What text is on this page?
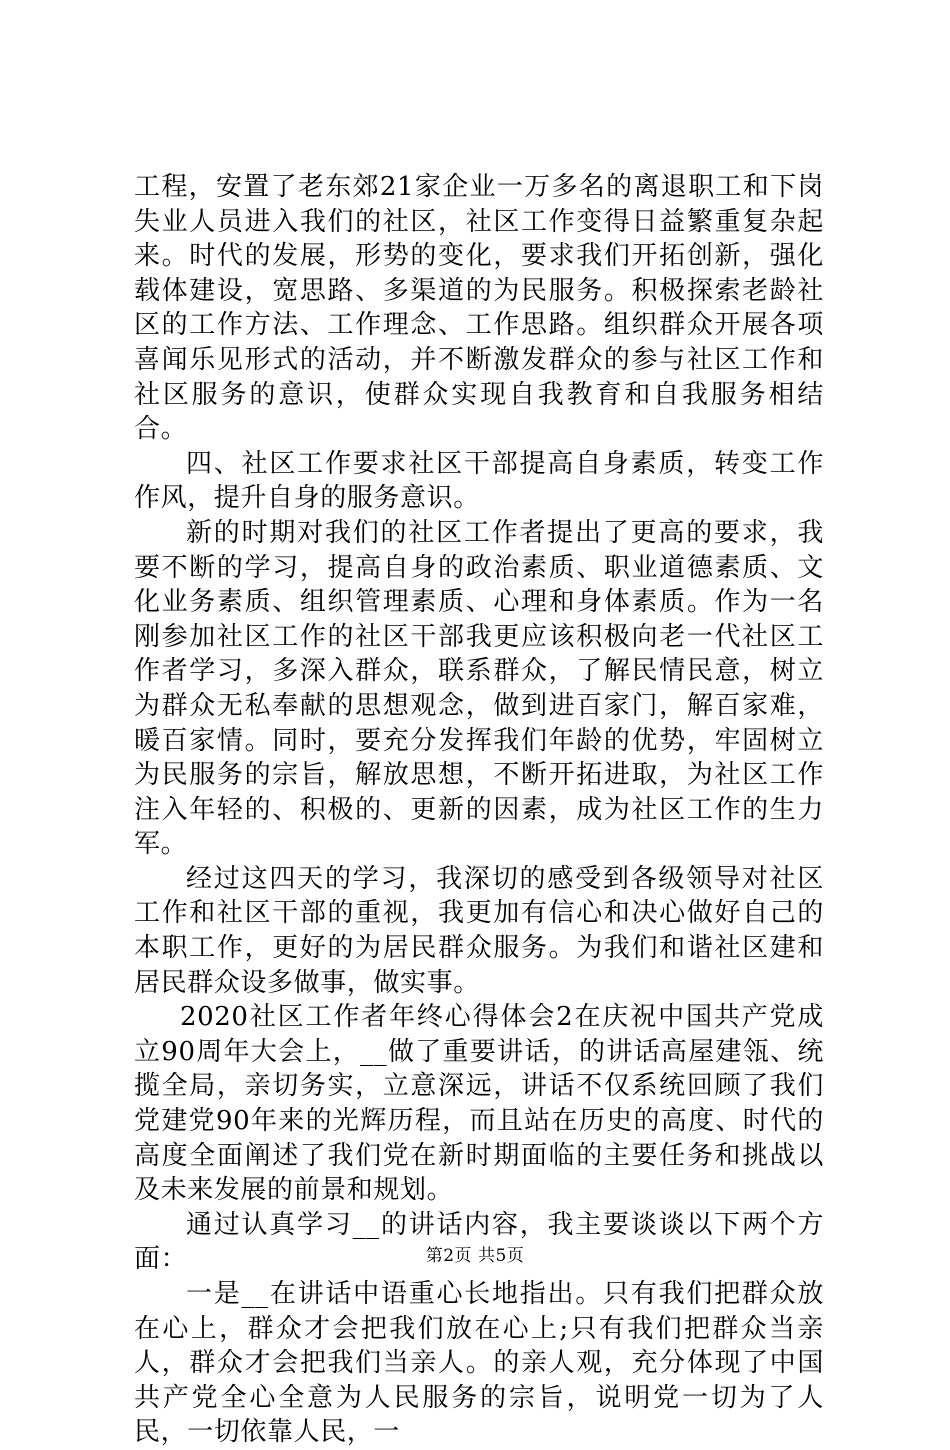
工程，安置了老东郊21家企业一万多名的离退职工和下岗失业人员进入我们的社区，社区工作变得日益繁重复杂起来。时代的发展，形势的变化，要求我们开拓创新，强化载体建设，宽思路、多渠道的为民服务。积极探索老龄社区的工作方法、工作理念、工作思路。组织群众开展各项喜闻乐见形式的活动，并不断激发群众的参与社区工作和社区服务的意识，使群众实现自我教育和自我服务相结合。

四、社区工作要求社区干部提高自身素质，转变工作作风，提升自身的服务意识。

新的时期对我们的社区工作者提出了更高的要求，我要不断的学习，提高自身的政治素质、职业道德素质、文化业务素质、组织管理素质、心理和身体素质。作为一名刚参加社区工作的社区干部我更应该积极向老一代社区工作者学习，多深入群众，联系群众，了解民情民意，树立为群众无私奉献的思想观念，做到进百家门，解百家难，暖百家情。同时，要充分发挥我们年龄的优势，牢固树立为民服务的宗旨，解放思想，不断开拓进取，为社区工作注入年轻的、积极的、更新的因素，成为社区工作的生力军。

经过这四天的学习，我深切的感受到各级领导对社区工作和社区干部的重视，我更加有信心和决心做好自己的本职工作，更好的为居民群众服务。为我们和谐社区建和居民群众设多做事，做实事。

2020社区工作者年终心得体会2在庆祝中国共产党成立90周年大会上，__做了重要讲话，的讲话高屋建瓴、统揽全局，亲切务实，立意深远，讲话不仅系统回顾了我们党建党90年来的光辉历程，而且站在历史的高度、时代的高度全面阐述了我们党在新时期面临的主要任务和挑战以及未来发展的前景和规划。

通过认真学习__的讲话内容，我主要谈谈以下两个方面：

一是__在讲话中语重心长地指出。只有我们把群众放在心上，群众才会把我们放在心上;只有我们把群众当亲人，群众才会把我们当亲人。的亲人观，充分体现了中国共产党全心全意为人民服务的宗旨，说明党一切为了人民，一切依靠人民，一

第2页 共5页
